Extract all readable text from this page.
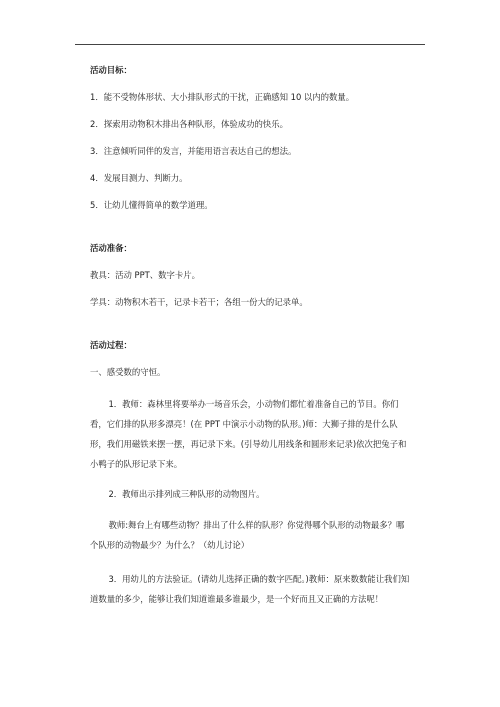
活动目标：

1．能不受物体形状、大小排队形式的干扰，正确感知 10 以内的数量。

2．探索用动物积木排出各种队形，体验成功的快乐。

3．注意倾听同伴的发言，并能用语言表达自己的想法。

4．发展目测力、判断力。

5．让幼儿懂得简单的数学道理。

活动准备：

教具：活动 PPT、数字卡片。

学具：动物积木若干，记录卡若干；各组一份大的记录单。

活动过程：

一、感受数的守恒。

1．教师：森林里将要举办一场音乐会，小动物们都忙着准备自己的节目。你们看，它们排的队形多漂亮！(在 PPT 中演示小动物的队形。)师：大狮子排的是什么队形，我们用磁铁来摆一摆，再记录下来。(引导幼儿用线条和圆形来记录)依次把兔子和小鸭子的队形记录下来。

2．教师出示排列成三种队形的动物图片。

教师:舞台上有哪些动物？排出了什么样的队形？你觉得哪个队形的动物最多？哪个队形的动物最少？为什么？（幼儿讨论）

3．用幼儿的方法验证。(请幼儿选择正确的数字匹配。)教师：原来数数能让我们知道数量的多少，能够让我们知道谁最多谁最少，是一个好而且又正确的方法呢！
